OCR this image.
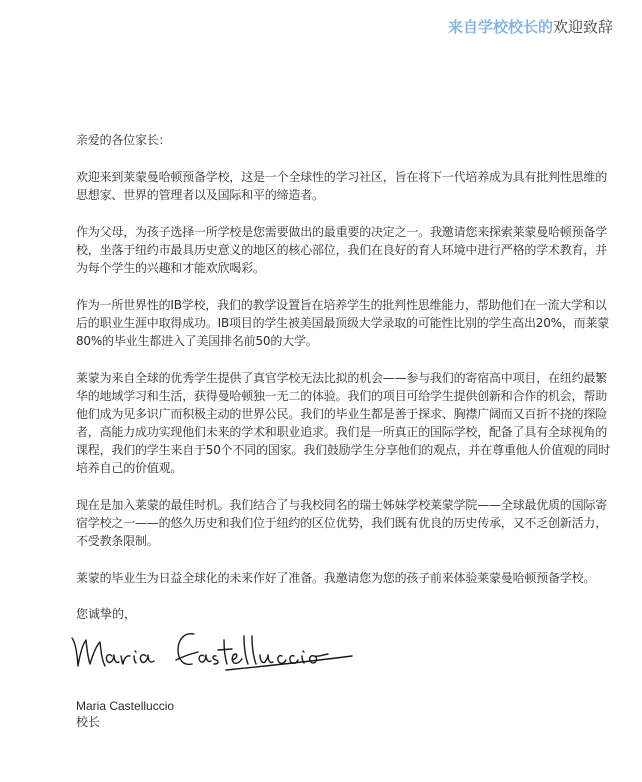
来自学校校长的欢迎致辞

亲爱的各位家长：

欢迎来到莱蒙曼哈顿预备学校，这是一个全球性的学习社区，旨在将下一代培养成为具有批判性思维的思想家、世界的管理者以及国际和平的缔造者。

作为父母，为孩子选择一所学校是您需要做出的最重要的决定之一。我邀请您来探索莱蒙曼哈顿预备学校，坐落于纽约市最具历史意义的地区的核心部位，我们在良好的育人环境中进行严格的学术教育，并为每个学生的兴趣和才能欢欣喝彩。

作为一所世界性的IB学校，我们的教学设置旨在培养学生的批判性思维能力，帮助他们在一流大学和以后的职业生涯中取得成功。IB项目的学生被美国最顶级大学录取的可能性比别的学生高出20%，而莱蒙80%的毕业生都进入了美国排名前50的大学。

莱蒙为来自全球的优秀学生提供了真官学校无法比拟的机会——参与我们的寄宿高中项目，在纽约最繁华的地域学习和生活，获得曼哈顿独一无二的体验。我们的项目可给学生提供创新和合作的机会，帮助他们成为见多识广而积极主动的世界公民。我们的毕业生都是善于探求、胸襟广阔而又百折不挠的探险者，高能力成功实现他们未来的学术和职业追求。我们是一所真正的国际学校，配备了具有全球视角的课程，我们的学生来自于50个不同的国家。我们鼓励学生分享他们的观点，并在尊重他人价值观的同时培养自己的价值观。

现在是加入莱蒙的最佳时机。我们结合了与我校同名的瑞士姊妹学校莱蒙学院——全球最优质的国际寄宿学校之一——的悠久历史和我们位于纽约的区位优势，我们既有优良的历史传承，又不乏创新活力，不受教条限制。

莱蒙的毕业生为日益全球化的未来作好了准备。我邀请您为您的孩子前来体验莱蒙曼哈顿预备学校。

您诚挚的，
Maria Castelluccio
校长
